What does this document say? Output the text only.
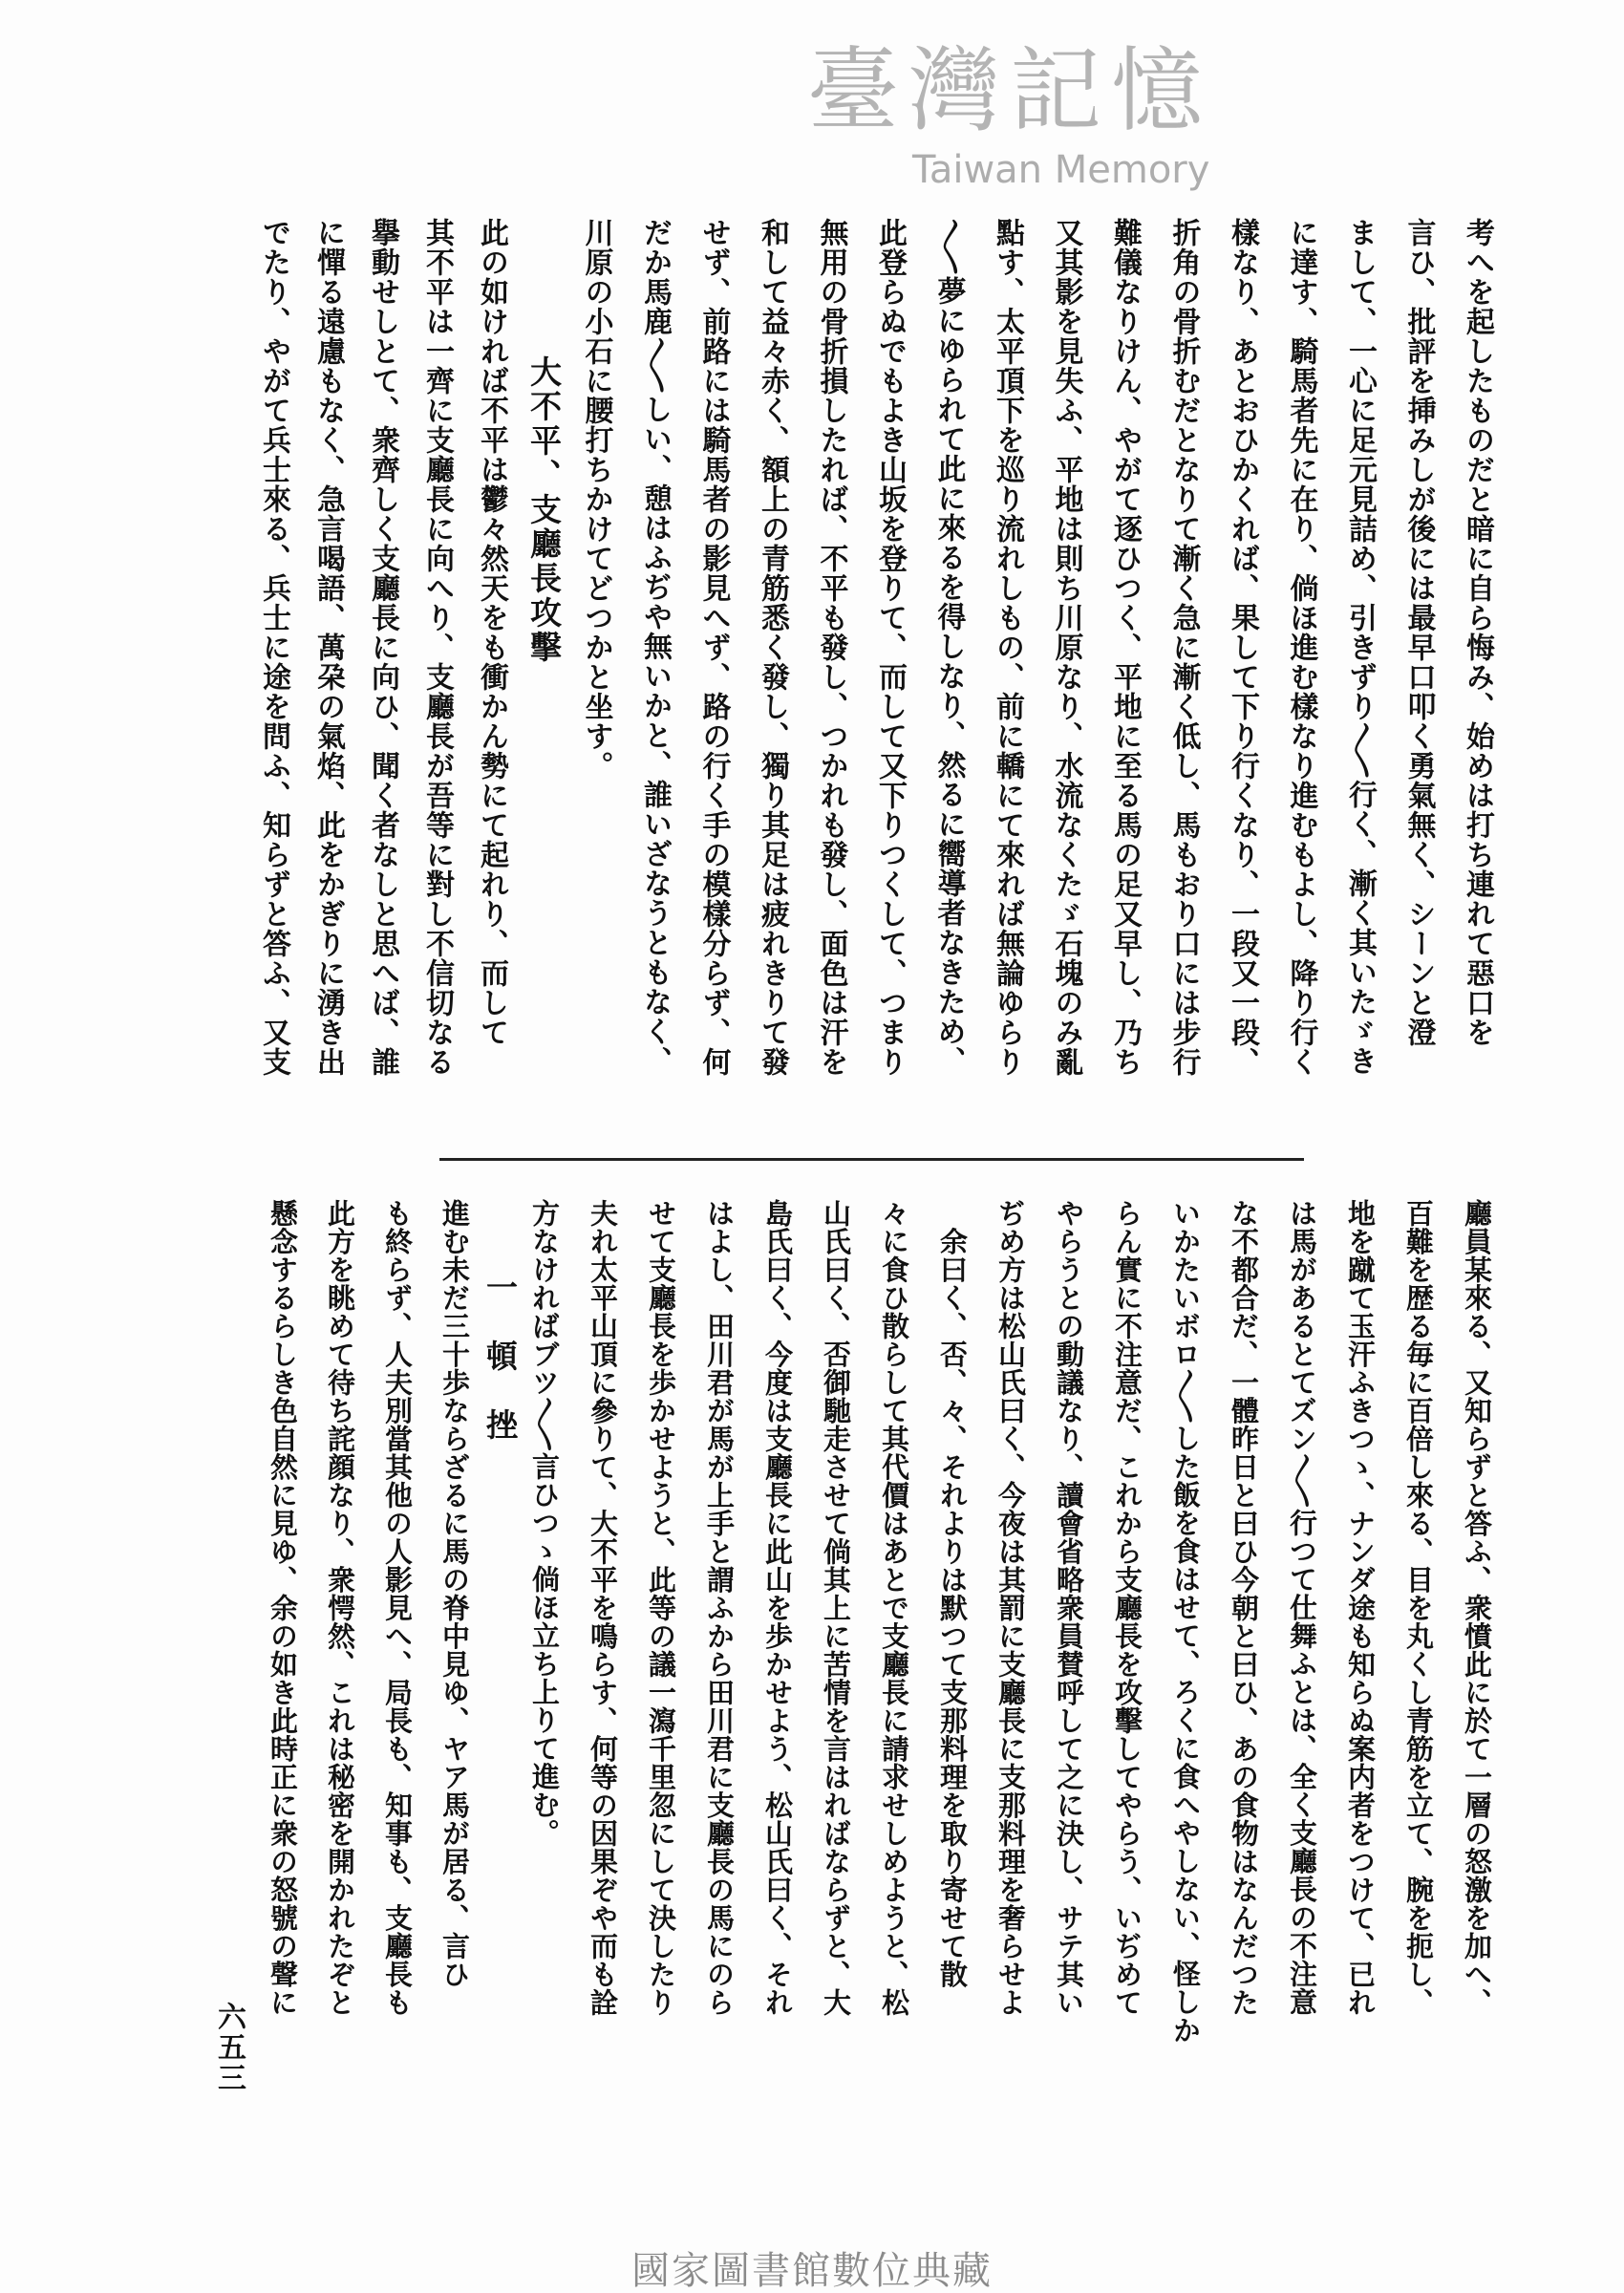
考へを起したものだと暗に自ら悔み、始めは打ち連れて惡口を
言ひ、批評を挿みしが後には最早口叩く勇氣無く、シーンと澄
まして、一心に足元見詰め、引きずり〳〵行く、漸く其いたゞき
に達す、騎馬者先に在り、倘ほ進む樣なり進むもよし、降り行く
樣なり、あとおひかくれば、果して下り行くなり、一段又一段、
折角の骨折むだとなりて漸く急に漸く低し、馬もおり口には步行
難儀なりけん、やがて逐ひつく、平地に至る馬の足又早し、乃ち
又其影を見失ふ、平地は則ち川原なり、水流なくたゞ石塊のみ亂
點す、太平頂下を巡り流れしもの、前に轎にて來れば無論ゆらり
〳〵夢にゆられて此に來るを得しなり、然るに嚮導者なきため、
此登らぬでもよき山坂を登りて、而して又下りつくして、つまり
無用の骨折損したれば、不平も發し、つかれも發し、面色は汗を
和して益々赤く、額上の青筋悉く發し、獨り其足は疲れきりて發
せず、前路には騎馬者の影見へず、路の行く手の模樣分らず、何
だか馬鹿〳〵しい、憩はふぢや無いかと、誰いざなうともなく、
川原の小石に腰打ちかけてどつかと坐す。
此の如ければ不平は鬱々然天をも衝かん勢にて起れり、而して
其不平は一齊に支廳長に向へり、支廳長が吾等に對し不信切なる
擧動せしとて、衆齊しく支廳長に向ひ、聞く者なしと思へば、誰
に憚る遠慮もなく、急言喝語、萬朶の氣焰、此をかぎりに湧き出
でたり、やがて兵士來る、兵士に途を問ふ、知らずと答ふ、又支	大不平、支廳長攻擊
廳員某來る、又知らずと答ふ、衆憤此に於て一層の怒激を加へ、
百難を歴る毎に百倍し來る、目を丸くし青筋を立て、腕を扼し、
地を蹴て玉汗ふきつゝ、ナンダ途も知らぬ案内者をつけて、已れ
は馬があるとてズン〳〵行つて仕舞ふとは、全く支廳長の不注意
な不都合だ、一體昨日と曰ひ今朝と曰ひ、あの食物はなんだつた
いかたいボロ〳〵した飯を食はせて、ろくに食へやしない、怪しか
らん實に不注意だ、これから支廳長を攻擊してやらう、いぢめて
やらうとの動議なり、讀會省略衆員賛呼して之に決し、サテ其い
ぢめ方は松山氏曰く、今夜は其罰に支廳長に支那料理を奢らせよ
　余曰く、否、々、それよりは默つて支那料理を取り寄せて散
々に食ひ散らして其代價はあとで支廳長に請求せしめようと、松
山氏曰く、否御馳走させて倘其上に苦情を言はればならずと、大
島氏曰く、今度は支廳長に此山を歩かせよう、松山氏曰く、それ
はよし、田川君が馬が上手と謂ふから田川君に支廳長の馬にのら
せて支廳長を歩かせようと、此等の議一瀉千里忽にして決したり
夫れ太平山頂に參りて、大不平を鳴らす、何等の因果ぞや而も詮
方なければブツ〳〵言ひつゝ倘ほ立ち上りて進む。
進む未だ三十歩ならざるに馬の脊中見ゆ、ヤア馬が居る、言ひ
も終らず、人夫別當其他の人影見へ、局長も、知事も、支廳長も
此方を眺めて待ち詫顔なり、衆愕然、これは秘密を開かれたぞと
懸念するらしき色自然に見ゆ、余の如き此時正に衆の怒號の聲に	一　頓　挫
臺灣記憶
Taiwan Memory
六五三
國家圖書館數位典藏
